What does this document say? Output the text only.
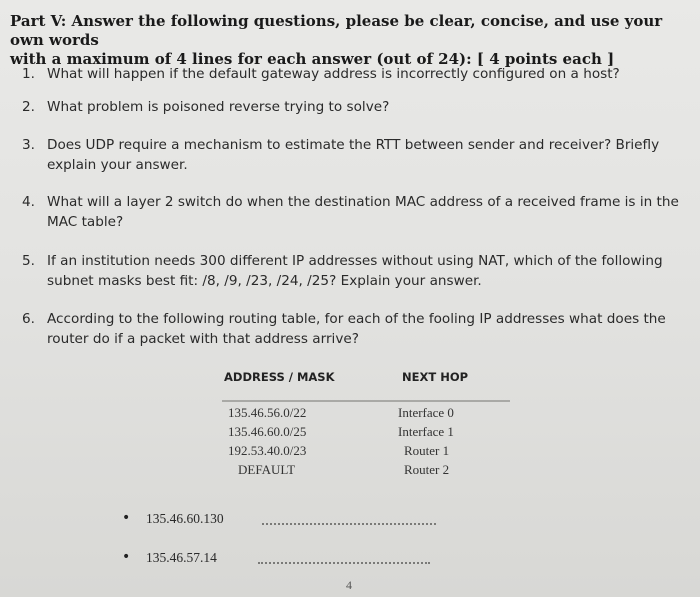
Part V: Answer the following questions, please be clear, concise, and use your own words
with a maximum of 4 lines for each answer (out of 24): [ 4 points each ]
1. What will happen if the default gateway address is incorrectly configured on a host?
2. What problem is poisoned reverse trying to solve?
3. Does UDP require a mechanism to estimate the RTT between sender and receiver? Briefly explain your answer.
4. What will a layer 2 switch do when the destination MAC address of a received frame is in the MAC table?
5. If an institution needs 300 different IP addresses without using NAT, which of the following subnet masks best fit: /8, /9, /23, /24, /25? Explain your answer.
6. According to the following routing table, for each of the fooling IP addresses what does the router do if a packet with that address arrive?
ADDRESS / MASK	NEXT HOP
135.46.56.0/22	Interface 0
135.46.60.0/25	Interface 1
192.53.40.0/23	Router 1
DEFAULT	Router 2
• 135.46.60.130
• 135.46.57.14
4
